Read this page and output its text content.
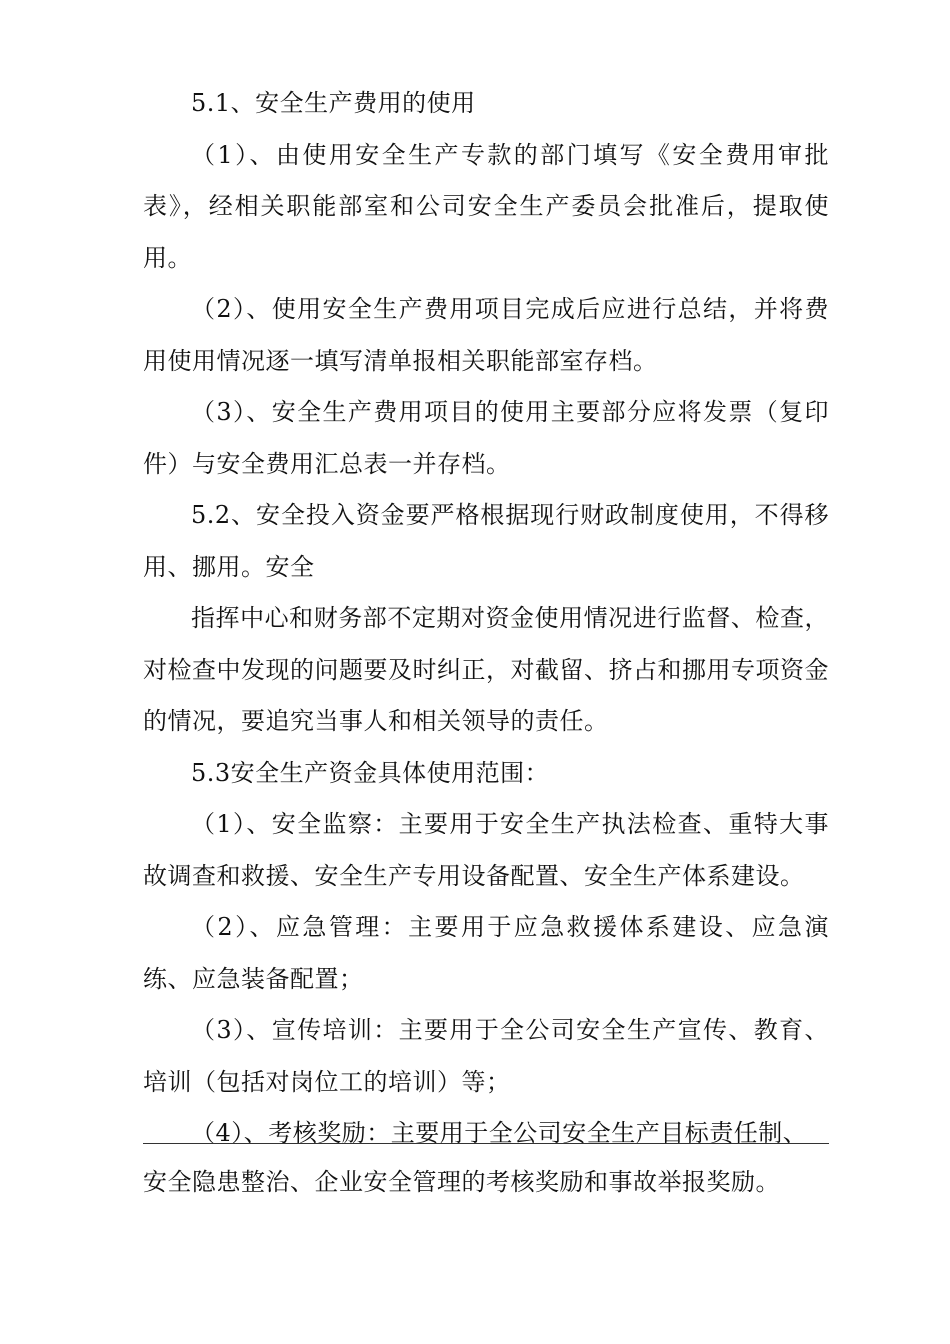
5.1、安全生产费用的使用

（1）、由使用安全生产专款的部门填写《安全费用审批表》，经相关职能部室和公司安全生产委员会批准后，提取使用。

（2）、使用安全生产费用项目完成后应进行总结，并将费用使用情况逐一填写清单报相关职能部室存档。

（3）、安全生产费用项目的使用主要部分应将发票（复印件）与安全费用汇总表一并存档。

5.2、安全投入资金要严格根据现行财政制度使用，不得移用、挪用。安全

指挥中心和财务部不定期对资金使用情况进行监督、检查，对检查中发现的问题要及时纠正，对截留、挤占和挪用专项资金的情况，要追究当事人和相关领导的责任。

5.3安全生产资金具体使用范围：

（1）、安全监察：主要用于安全生产执法检查、重特大事故调查和救援、安全生产专用设备配置、安全生产体系建设。

（2）、应急管理：主要用于应急救援体系建设、应急演练、应急装备配置；

（3）、宣传培训：主要用于全公司安全生产宣传、教育、培训（包括对岗位工的培训）等；

（4）、考核奖励：主要用于全公司安全生产目标责任制、

安全隐患整治、企业安全管理的考核奖励和事故举报奖励。
